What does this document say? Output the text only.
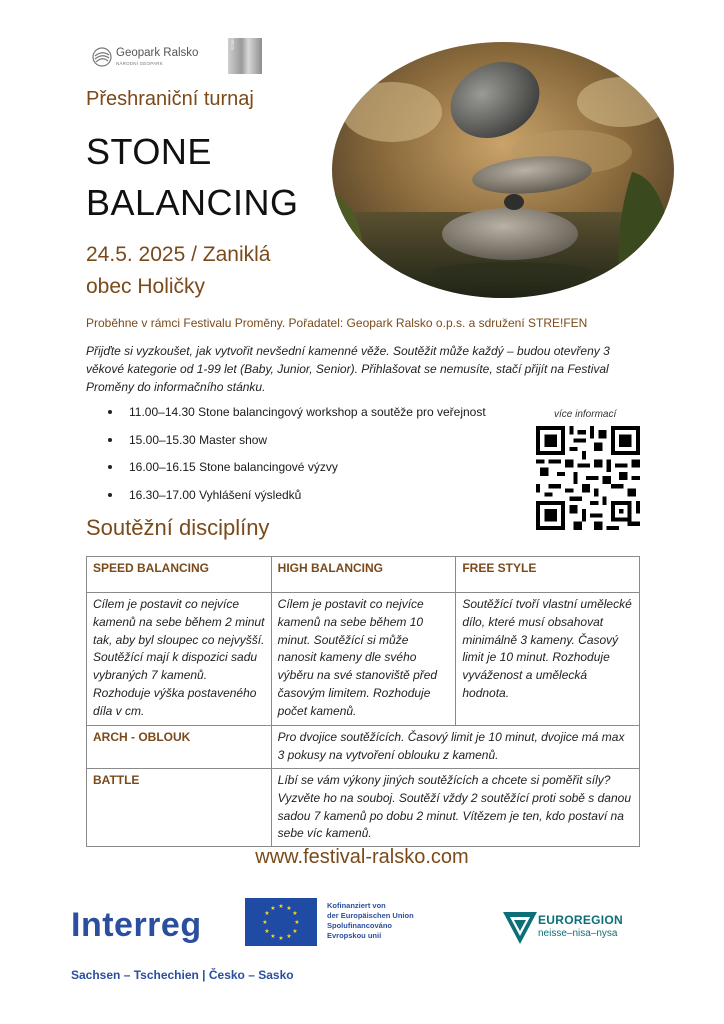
Geopark Ralsko
NÁRODNÍ GEOPARK
STRE!FEN
Přeshraniční turnaj
STONE
BALANCING
24.5. 2025 / Zaniklá
obec Holičky
Proběhne v rámci Festivalu Proměny. Pořadatel: Geopark Ralsko o.p.s. a sdružení STRE!FEN

Přijďte si vyzkoušet, jak vytvořit nevšední kamenné věže. Soutěžit může každý – budou otevřeny 3 věkové kategorie od 1-99 let (Baby, Junior, Senior). Přihlašovat se nemusíte, stačí přijít na Festival Proměny do informačního stánku.

11.00–14.30 Stone balancingový workshop a soutěže pro veřejnost
15.00–15.30 Master show
16.00–16.15 Stone balancingové výzvy
16.30–17.00 Vyhlášení výsledků
více informací
Soutěžní disciplíny
SPEED BALANCING	HIGH BALANCING	FREE STYLE
Cílem je postavit co nejvíce kamenů na sebe během 2 minut tak, aby byl sloupec co nejvyšší. Soutěžící mají k dispozici sadu vybraných 7 kamenů. Rozhoduje výška postaveného díla v cm.	Cílem je postavit co nejvíce kamenů na sebe během 10 minut. Soutěžící si může nanosit kameny dle svého výběru na své stanoviště před časovým limitem. Rozhoduje počet kamenů.	Soutěžící tvoří vlastní umělecké dílo, které musí obsahovat minimálně 3 kameny. Časový limit je 10 minut. Rozhoduje vyváženost a umělecká hodnota.
ARCH - OBLOUK	Pro dvojice soutěžících. Časový limit je 10 minut, dvojice má max 3 pokusy na vytvoření oblouku z kamenů.	
BATTLE	Líbí se vám výkony jiných soutěžících a chcete si poměřit síly? Vyzvěte ho na souboj. Soutěží vždy 2 soutěžící proti sobě s danou sadou 7 kamenů po dobu 2 minut. Vítězem je ten, kdo postaví na sebe víc kamenů.	
www.festival-ralsko.com
Interreg	★ ★
★
★
★
★
★
★
★
★
★
★	Kofinanziert von
der Europäischen Union
Spolufinancováno
Evropskou unií
EUROREGION
neisse–nisa–nysa
Sachsen – Tschechien | Česko – Sasko
